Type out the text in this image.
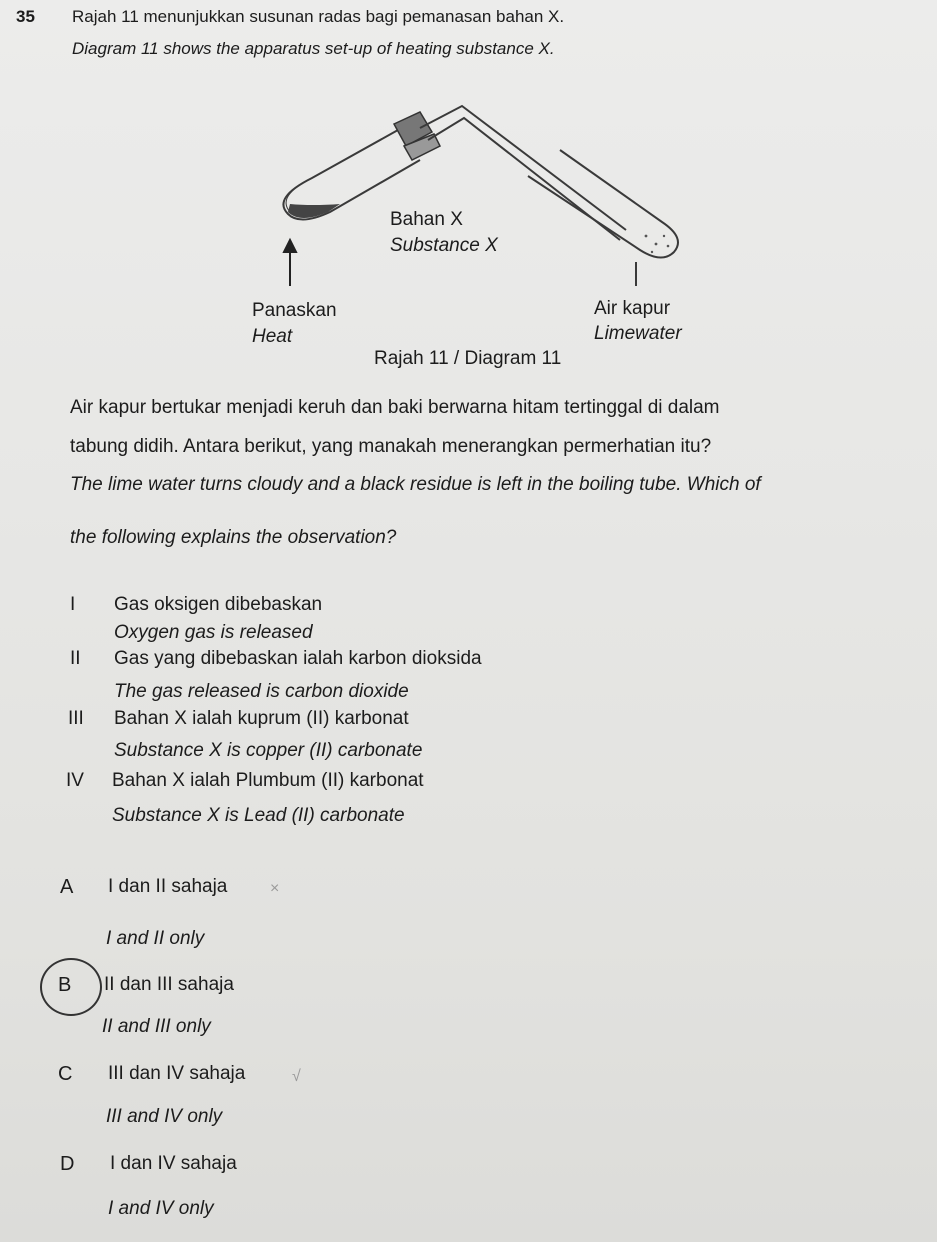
35 Rajah 11 menunjukkan susunan radas bagi pemanasan bahan X.
Diagram 11 shows the apparatus set-up of heating substance X.
Bahan X
Substance X
Panaskan
Heat
Air kapur
Limewater
Rajah 11 / Diagram 11
Air kapur bertukar menjadi keruh dan baki berwarna hitam tertinggal di dalam
tabung didih. Antara berikut, yang manakah menerangkan permerhatian itu?
The lime water turns cloudy and a black residue is left in the boiling tube. Which of
the following explains the observation?
I Gas oksigen dibebaskan
Oxygen gas is released
II Gas yang dibebaskan ialah karbon dioksida
The gas released is carbon dioxide
III Bahan X ialah kuprum (II) karbonat
Substance X is copper (II) carbonate
IV Bahan X ialah Plumbum (II) karbonat
Substance X is Lead (II) carbonate
A I dan II sahaja
I and II only
×
B II dan III sahaja
II and III only
C III dan IV sahaja
III and IV only
√
D I dan IV sahaja
I and IV only
